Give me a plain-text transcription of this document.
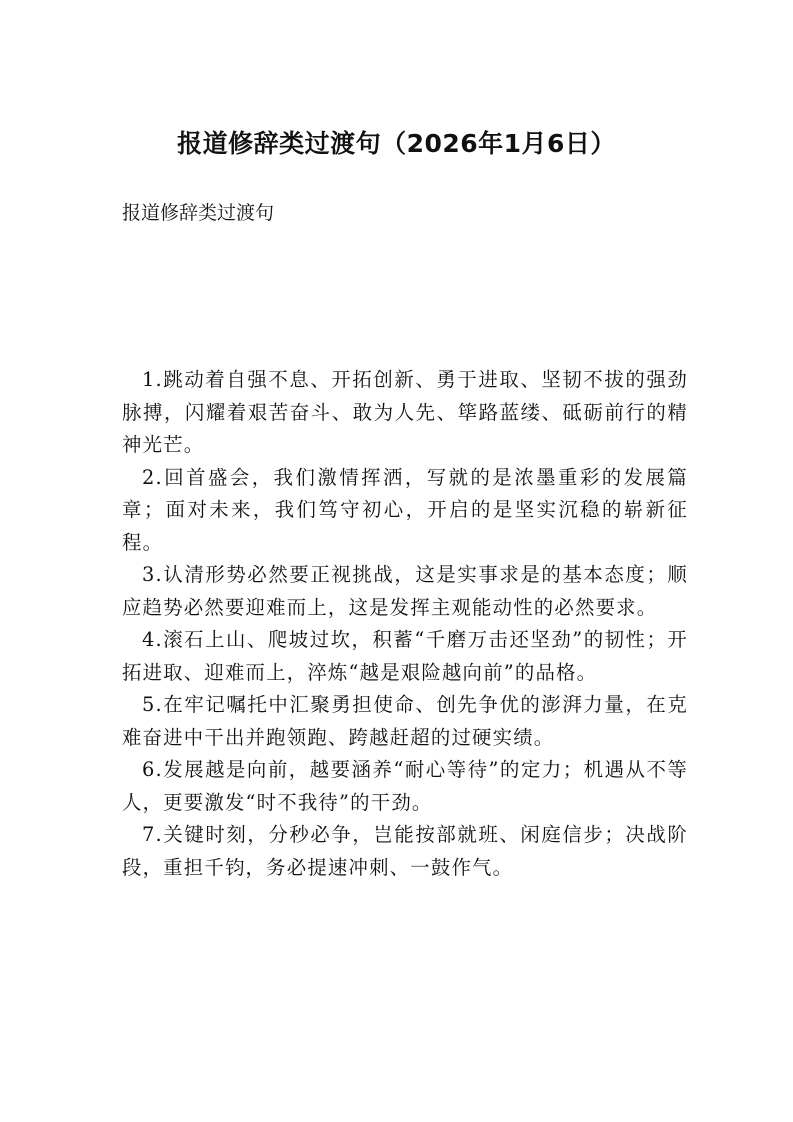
报道修辞类过渡句（2026年1月6日）

报道修辞类过渡句

1.跳动着自强不息、开拓创新、勇于进取、坚韧不拔的强劲脉搏，闪耀着艰苦奋斗、敢为人先、筚路蓝缕、砥砺前行的精神光芒。

2.回首盛会，我们激情挥洒，写就的是浓墨重彩的发展篇章；面对未来，我们笃守初心，开启的是坚实沉稳的崭新征程。

3.认清形势必然要正视挑战，这是实事求是的基本态度；顺应趋势必然要迎难而上，这是发挥主观能动性的必然要求。

4.滚石上山、爬坡过坎，积蓄“千磨万击还坚劲”的韧性；开拓进取、迎难而上，淬炼“越是艰险越向前”的品格。

5.在牢记嘱托中汇聚勇担使命、创先争优的澎湃力量，在克难奋进中干出并跑领跑、跨越赶超的过硬实绩。

6.发展越是向前，越要涵养“耐心等待”的定力；机遇从不等人，更要激发“时不我待”的干劲。

7.关键时刻，分秒必争，岂能按部就班、闲庭信步；决战阶段，重担千钧，务必提速冲刺、一鼓作气。
